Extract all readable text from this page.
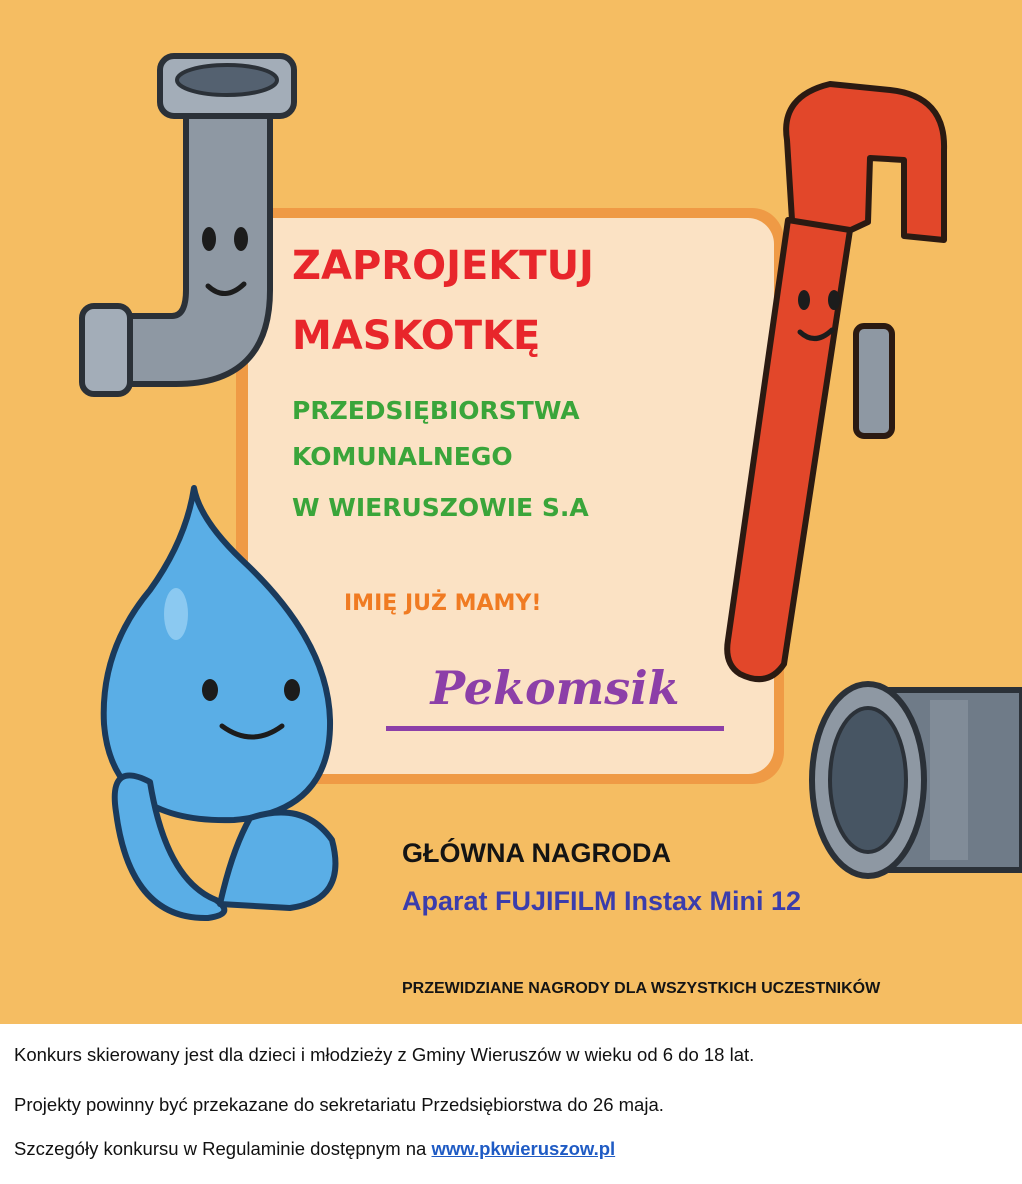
ZAPROJEKTUJ
MASKOTKĘ
PRZEDSIĘBIORSTWA
KOMUNALNEGO
W WIERUSZOWIE S.A
IMIĘ JUŻ MAMY!
Pekomsik
GŁÓWNA NAGRODA
Aparat FUJIFILM Instax Mini 12
PRZEWIDZIANE NAGRODY DLA WSZYSTKICH UCZESTNIKÓW
Konkurs skierowany jest dla dzieci i młodzieży z Gminy Wieruszów w wieku od 6 do 18 lat.
Projekty powinny być przekazane do sekretariatu Przedsiębiorstwa do 26 maja.
Szczegóły konkursu w Regulaminie dostępnym na www.pkwieruszow.pl
